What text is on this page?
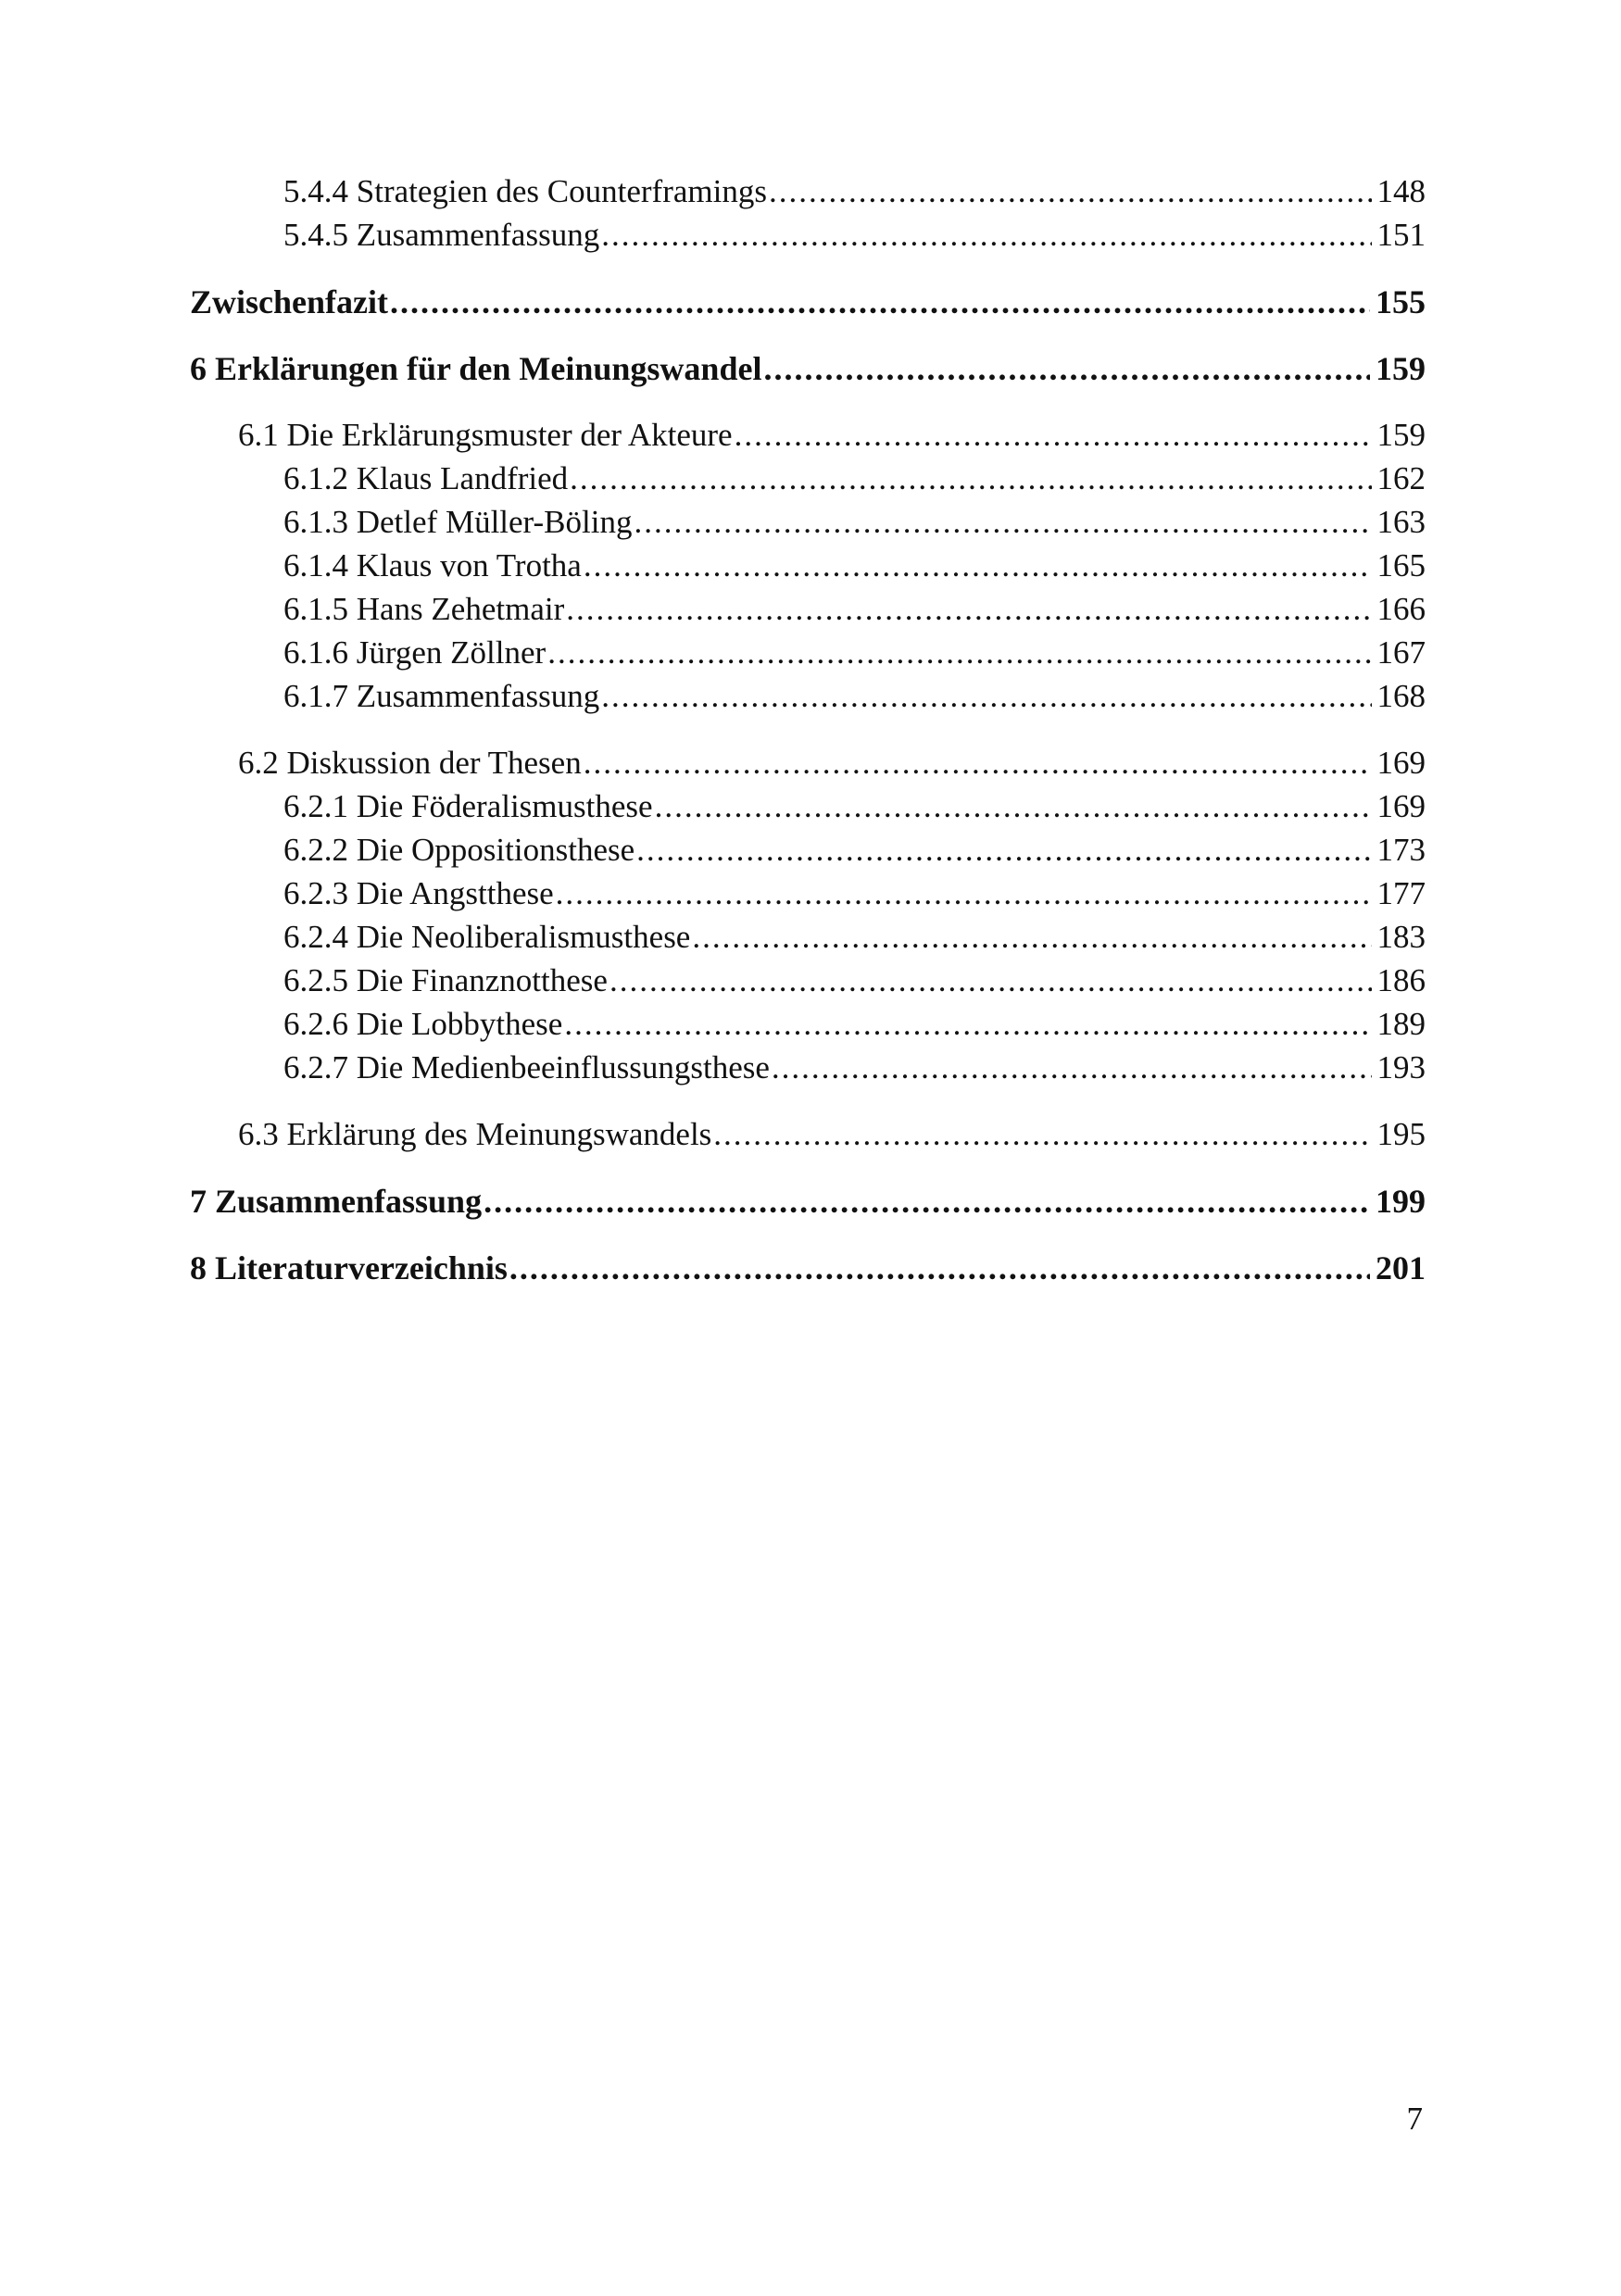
5.4.4 Strategien des Counterframings .....	148
5.4.5 Zusammenfassung .....	151
Zwischenfazit .....	155
6 Erklärungen für den Meinungswandel .....	159
6.1 Die Erklärungsmuster der Akteure .....	159
6.1.2 Klaus Landfried .....	162
6.1.3 Detlef Müller-Böling .....	163
6.1.4 Klaus von Trotha .....	165
6.1.5 Hans Zehetmair .....	166
6.1.6 Jürgen Zöllner .....	167
6.1.7 Zusammenfassung .....	168
6.2 Diskussion der Thesen .....	169
6.2.1 Die Föderalismusthese .....	169
6.2.2 Die Oppositionsthese .....	173
6.2.3 Die Angstthese .....	177
6.2.4 Die Neoliberalismusthese .....	183
6.2.5 Die Finanznotthese .....	186
6.2.6 Die Lobbythese .....	189
6.2.7 Die Medienbeeinflussungsthese .....	193
6.3 Erklärung des Meinungswandels .....	195
7 Zusammenfassung .....	199
8 Literaturverzeichnis .....	201
7
